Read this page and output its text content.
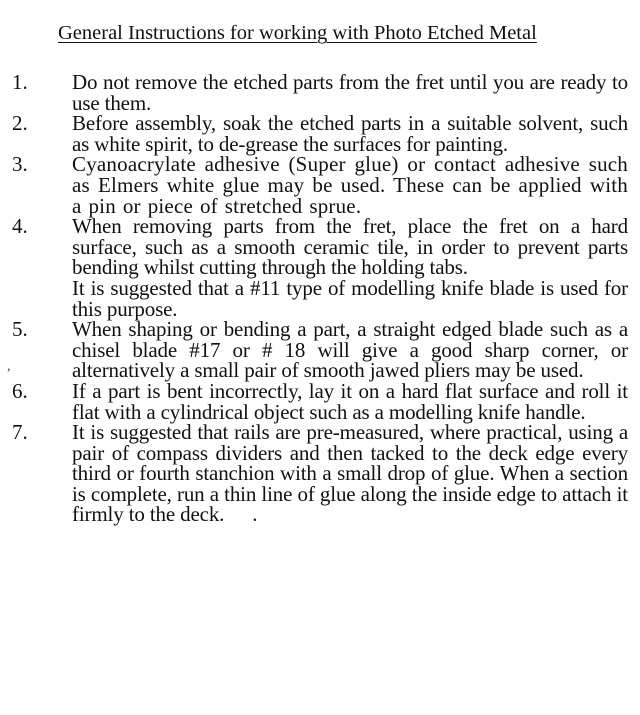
General Instructions for working with Photo Etched Metal
1.	Do not remove the etched parts from the fret until you are ready to use them.

2.	Before assembly, soak the etched parts in a suitable solvent, such as white spirit, to de-grease the surfaces for painting.

3.	Cyanoacrylate adhesive (Super glue) or contact adhesive such as Elmers white glue may be used. These can be applied with a pin or piece of stretched sprue.

4.	When removing parts from the fret, place the fret on a hard surface, such as a smooth ceramic tile, in order to prevent parts bending whilst cutting through the holding tabs.

It is suggested that a #11 type of modelling knife blade is used for this purpose.

5.	When shaping or bending a part, a straight edged blade such as a chisel blade #17 or # 18 will give a good sharp corner, or alternatively a small pair of smooth jawed pliers may be used.

6.	If a part is bent incorrectly, lay it on a hard flat surface and roll it flat with a cylindrical object such as a modelling knife handle.

7.	It is suggested that rails are pre-measured, where practical, using a pair of compass dividers and then tacked to the deck edge every third or fourth stanchion with a small drop of glue. When a section is complete, run a thin line of glue along the inside edge to attach it firmly to the deck. .

,
